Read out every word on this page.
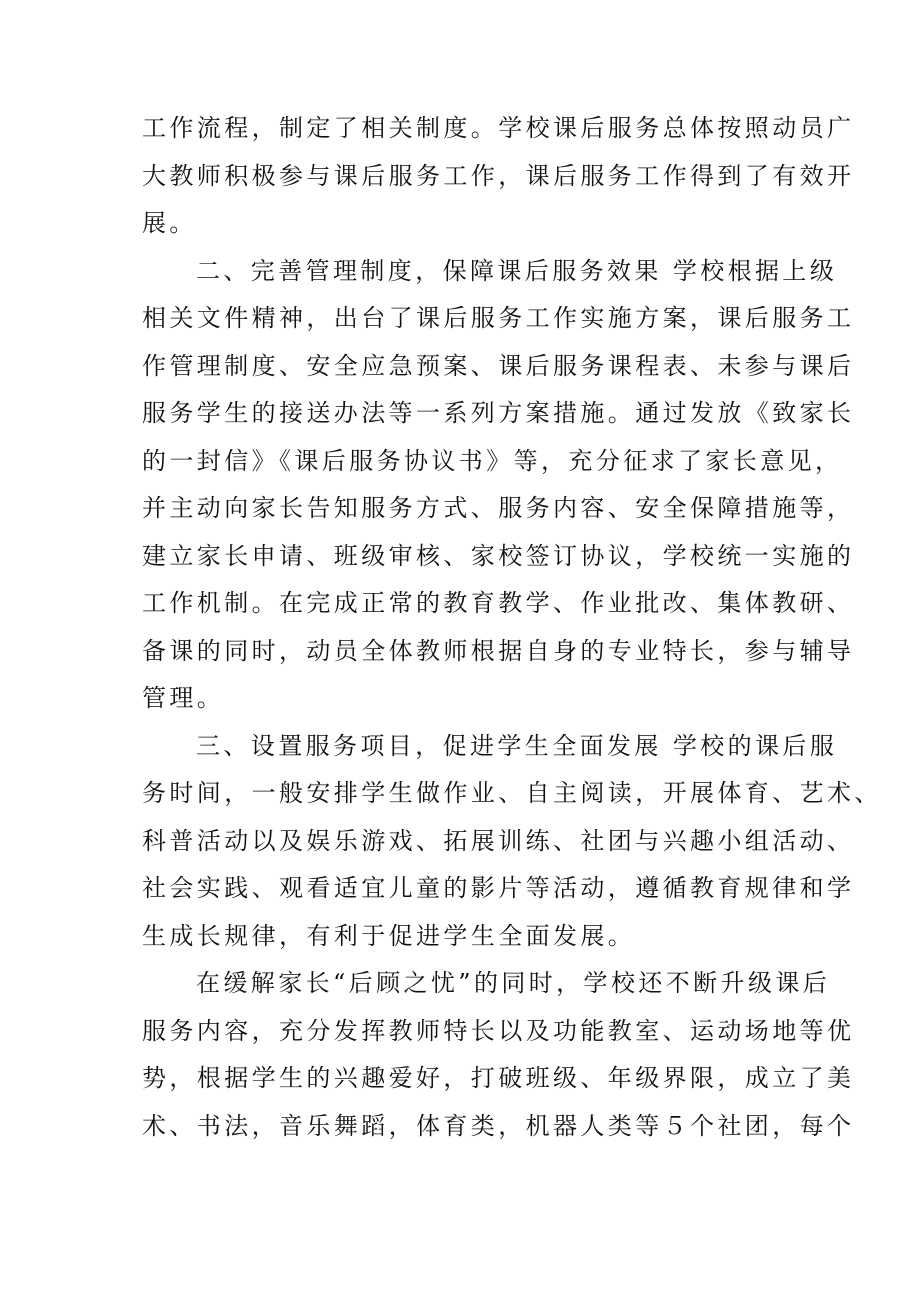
工作流程，制定了相关制度。学校课后服务总体按照动员广
大教师积极参与课后服务工作，课后服务工作得到了有效开
展。

二、完善管理制度，保障课后服务效果 学校根据上级
相关文件精神，出台了课后服务工作实施方案，课后服务工
作管理制度、安全应急预案、课后服务课程表、未参与课后
服务学生的接送办法等一系列方案措施。通过发放《致家长
的一封信》《课后服务协议书》等，充分征求了家长意见，
并主动向家长告知服务方式、服务内容、安全保障措施等，
建立家长申请、班级审核、家校签订协议，学校统一实施的
工作机制。在完成正常的教育教学、作业批改、集体教研、
备课的同时，动员全体教师根据自身的专业特长，参与辅导
管理。

三、设置服务项目，促进学生全面发展 学校的课后服
务时间，一般安排学生做作业、自主阅读，开展体育、艺术、
科普活动以及娱乐游戏、拓展训练、社团与兴趣小组活动、
社会实践、观看适宜儿童的影片等活动，遵循教育规律和学
生成长规律，有利于促进学生全面发展。

在缓解家长“后顾之忧”的同时，学校还不断升级课后
服务内容，充分发挥教师特长以及功能教室、运动场地等优
势，根据学生的兴趣爱好，打破班级、年级界限，成立了美
术、书法，音乐舞蹈，体育类，机器人类等５个社团，每个
